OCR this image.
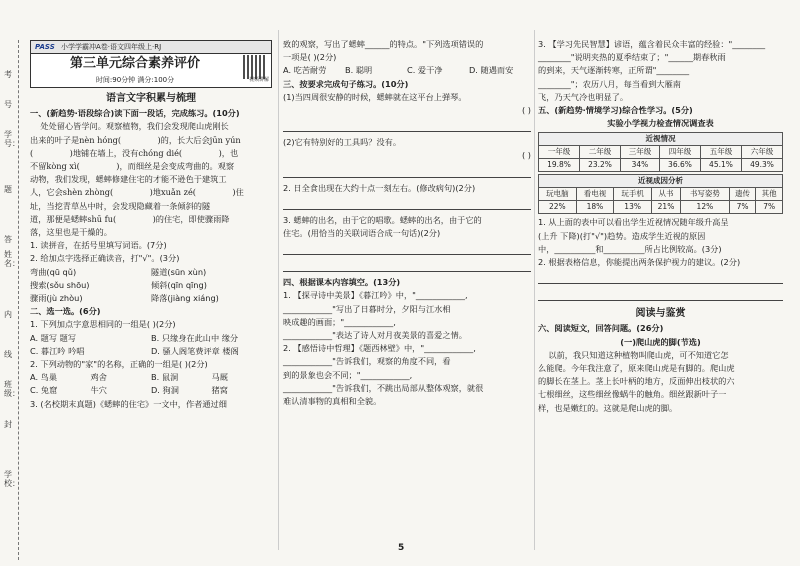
考
号
学号：
题
姓名：
答
内
线
班级：
封
学校：
PASS 小学学霸冲A卷·语文四年级上·RJ
第三单元综合素养评价
时间:90分钟 满分:100分	视频讲解
语言文字积累与梳理
一、(新趋势·语段综合)读下面一段话，完成练习。(10分)
处处留心皆学问。观察植物，我们会发现爬山虎刚长
出来的叶子是nèn hóng(              )的，长大后会jūn yún
(              )地铺在墙上，没有chóng dié(              )，也
不留kòng xì(              )，而细丝是会变成弯曲的。观察
动物，我们发现，蟋蟀修建住宅的才能不逊色于建筑工
人，它会shèn zhòng(              )地xuǎn zé(              )住
址，当挖青草丛中时，会发现隐藏着一条倾斜的隧
道，那便是蟋蟀shū fu(              )的住宅，即使骤雨降
落，这里也是干燥的。
1. 读拼音，在括号里填写词语。(7分)
2. 给加点字选择正确读音，打"√"。(3分)
弯曲(qū qǔ)	隧道(sūn xùn)
搜索(sǒu shōu)	倾斜(qīn qīng)
骤雨(jù zhòu)	降落(jiàng xiáng)
二、选一选。(6分)
1. 下列加点字意思相同的一组是( )(2分)
A. 题写 题写	B. 只缘身在此山中 缘分
C. 暮江吟 吟唱	D. 骚人阁笔费评章 楼阁
2. 下列动物的"家"的名称，正确的一组是( )(2分)
A. 鸟巢	鸡舍	B. 鼠洞	马厩
C. 兔窟	牛穴	D. 狗洞	猪窝
3. (名校期末真题)《蟋蟀的住宅》一文中，作者通过细
致的观察，写出了蟋蟀______的特点。"下列选项错误的
一项是( )(2分)
A. 吃苦耐劳	B. 聪明	C. 爱干净	D. 随遇而安
三、按要求完成句子练习。(10分)
(1)当四周很安静的时候，蟋蟀就在这平台上弹琴。
( )
(2)它有特别好的工具吗？没有。
( )
2. 日全食出现在大约十点一刻左右。(修改病句)(2分)
3. 蟋蟀的出名，由于它的唱歌。蟋蟀的出名，由于它的
住宅。(用恰当的关联词语合成一句话)(2分)
四、根据课本内容填空。(13分)
1. 【探寻诗中美景】《暮江吟》中，"____________,
____________"写出了日暮时分，夕阳与江水相
映成趣的画面；"____________,
____________"表达了诗人对月夜美景的喜爱之情。
2. 【感悟诗中哲理】《题西林壁》中，"____________,
____________"告诉我们，观察的角度不同，看
到的景象也会不同；"____________,
____________"告诉我们，不跳出局部从整体观察，就很
难认清事物的真相和全貌。
3. 【学习先民智慧】谚语，蕴含着民众丰富的经验："________
________"说明夹热的夏季结束了；"______期春秋雨
的到来，天气逐渐转寒，正所谓"________
________"；农历八月，每当看到大雁南
飞，乃天气冷也明显了。
五、(新趋势·情境学习)综合性学习。(5分)
实验小学视力检查情况调查表
近视情况					
一年级	二年级	三年级	四年级	五年级	六年级
19.8%	23.2%	34%	36.6%	45.1%	49.3%
近视成因分析						
玩电脑	看电视	玩手机	从书	书写姿势	遗传	其他
22%	18%	13%	21%	12%	7%	7%
1. 从上面的表中可以看出学生近视情况随年级升高呈
(上升 下降)(打"√")趋势。造成学生近视的原因
中，__________和__________所占比例较高。(3分)
2. 根据表格信息，你能提出两条保护视力的建议。(2分)
阅读与鉴赏
六、阅读短文，回答问题。(26分)
(一)爬山虎的脚(节选)
以前，我只知道这种植物叫爬山虎，可不知道它怎
么能爬。今年我注意了，原来爬山虎是有脚的。爬山虎
的脚长在茎上。茎上长叶柄的地方，反面伸出枝状的六
七根细丝，这些细丝像蜗牛的触角。细丝跟新叶子一
样，也是嫩红的。这就是爬山虎的脚。
5
